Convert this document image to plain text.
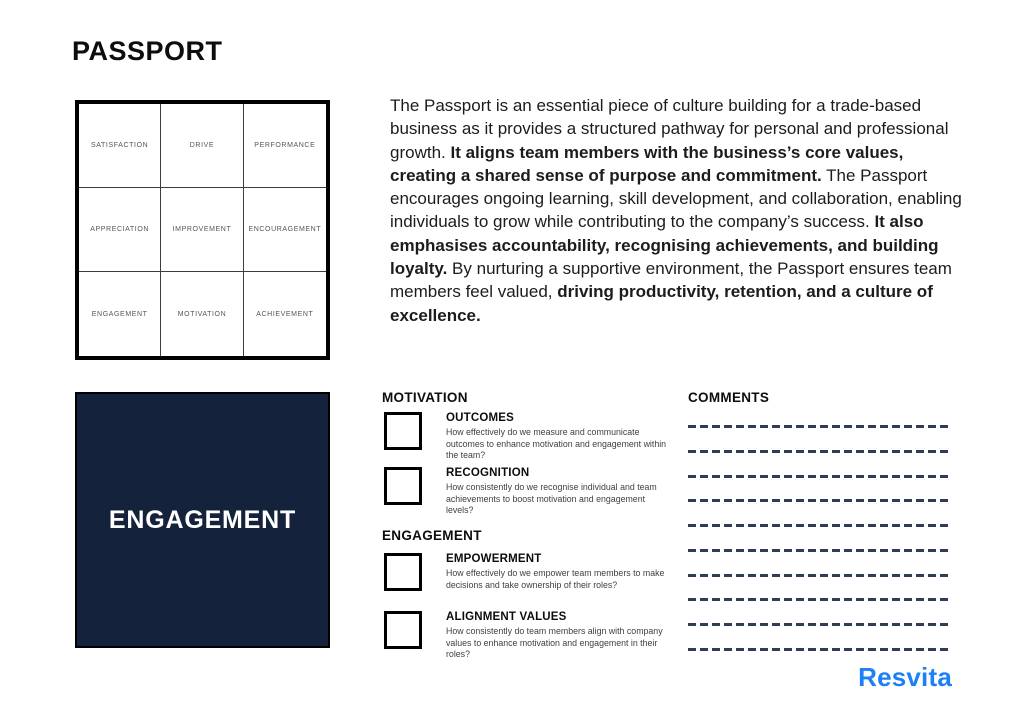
PASSPORT
SATISFACTION	DRIVE	PERFORMANCE
APPRECIATION	IMPROVEMENT	ENCOURAGEMENT
ENGAGEMENT	MOTIVATION	ACHIEVEMENT

The Passport is an essential piece of culture building for a trade-based business as it provides a structured pathway for personal and professional growth. It aligns team members with the business’s core values, creating a shared sense of purpose and commitment. The Passport encourages ongoing learning, skill development, and collaboration, enabling individuals to grow while contributing to the company’s success. It also emphasises accountability, recognising achievements, and building loyalty. By nurturing a supportive environment, the Passport ensures team members feel valued, driving productivity, retention, and a culture of excellence.

ENGAGEMENT
MOTIVATION
OUTCOMES
How effectively do we measure and communicate outcomes to enhance motivation and engagement within the team?
RECOGNITION
How consistently do we recognise individual and team achievements to boost motivation and engagement levels?
ENGAGEMENT
EMPOWERMENT
How effectively do we empower team members to make decisions and take ownership of their roles?
ALIGNMENT VALUES
How consistently do team members align with company values to enhance motivation and engagement in their roles?
COMMENTS
Resvita
